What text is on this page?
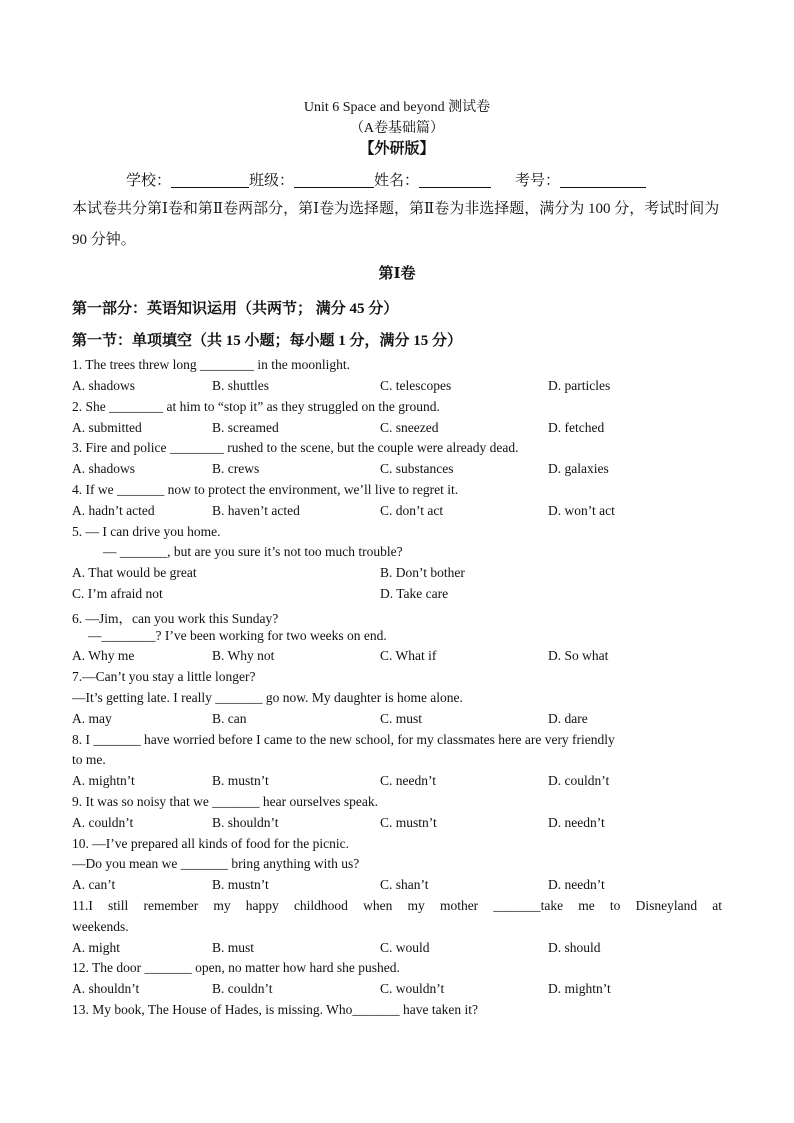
Unit 6 Space and beyond 测试卷
（A卷基础篇）
【外研版】
学校：	班级：	姓名：	考号：
本试卷共分第Ⅰ卷和第Ⅱ卷两部分，第Ⅰ卷为选择题，第Ⅱ卷为非选择题，满分为 100 分，考试时间为 90 分钟。
第Ⅰ卷
第一部分：英语知识运用（共两节； 满分 45 分）
第一节：单项填空（共 15 小题；每小题 1 分，满分 15 分）
1. The trees threw long ________ in the moonlight.
A. shadows	B. shuttles	C. telescopes	D. particles
2. She ________ at him to “stop it” as they struggled on the ground.
A. submitted	B. screamed	C. sneezed	D. fetched
3. Fire and police ________ rushed to the scene, but the couple were already dead.
A. shadows	B. crews	C. substances	D. galaxies
4. If we _______ now to protect the environment, we’ll live to regret it.
A. hadn’t acted	B. haven’t acted	C. don’t act	D. won’t act
5. — I can drive you home.
— _______, but are you sure it’s not too much trouble?
A. That would be great	B. Don’t bother
C. I’m afraid not	D. Take care
6. —Jim，can you work this Sunday?
—________? I’ve been working for two weeks on end.
A. Why me	B. Why not	C. What if	D. So what
7.—Can’t you stay a little longer?
—It’s getting late. I really _______ go now. My daughter is home alone.
A. may	B. can	C. must	D. dare
8. I _______ have worried before I came to the new school, for my classmates here are very friendly
to me.
A. mightn’t	B. mustn’t	C. needn’t	D. couldn’t
9. It was so noisy that we _______ hear ourselves speak.
A. couldn’t	B. shouldn’t	C. mustn’t	D. needn’t
10. —I’ve prepared all kinds of food for the picnic.
—Do you mean we _______ bring anything with us?
A. can’t	B. mustn’t	C. shan’t	D. needn’t
11.I still remember my happy childhood when my mother _______take me to Disneyland at
weekends.
A. might	B. must	C. would	D. should
12. The door _______ open, no matter how hard she pushed.
A. shouldn’t	B. couldn’t	C. wouldn’t	D. mightn’t
13. My book, The House of Hades, is missing. Who_______ have taken it?
